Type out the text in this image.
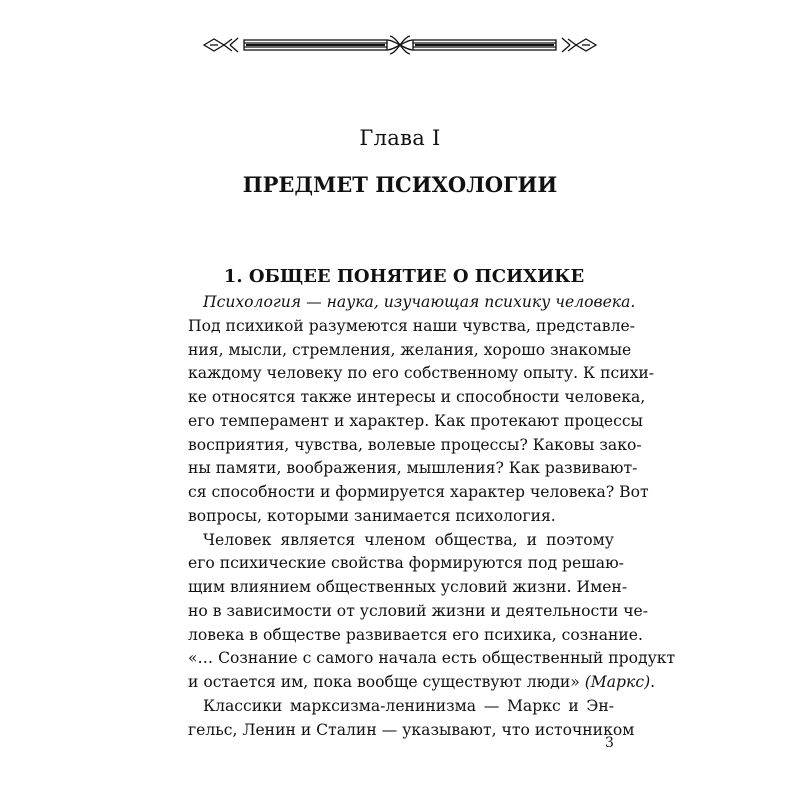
Глава I
ПРЕДМЕТ ПСИХОЛОГИИ
1. ОБЩЕЕ ПОНЯТИЕ О ПСИХИКЕ
Психология — наука, изучающая психику человека.
Под психикой разумеются наши чувства, представле-
ния, мысли, стремления, желания, хорошо знакомые
каждому человеку по его собственному опыту. К психи-
ке относятся также интересы и способности человека,
его темперамент и характер. Как протекают процессы
восприятия, чувства, волевые процессы? Каковы зако-
ны памяти, воображения, мышления? Как развивают-
ся способности и формируется характер человека? Вот
вопросы, которыми занимается психология.
Человек является членом общества, и поэтому
его психические свойства формируются под решаю-
щим влиянием общественных условий жизни. Имен-
но в зависимости от условий жизни и деятельности че-
ловека в обществе развивается его психика, сознание.
«… Сознание с самого начала есть общественный продукт
и остается им, пока вообще существуют люди» (Маркс).
Классики марксизма-ленинизма — Маркс и Эн-
гельс, Ленин и Сталин — указывают, что источником
3
